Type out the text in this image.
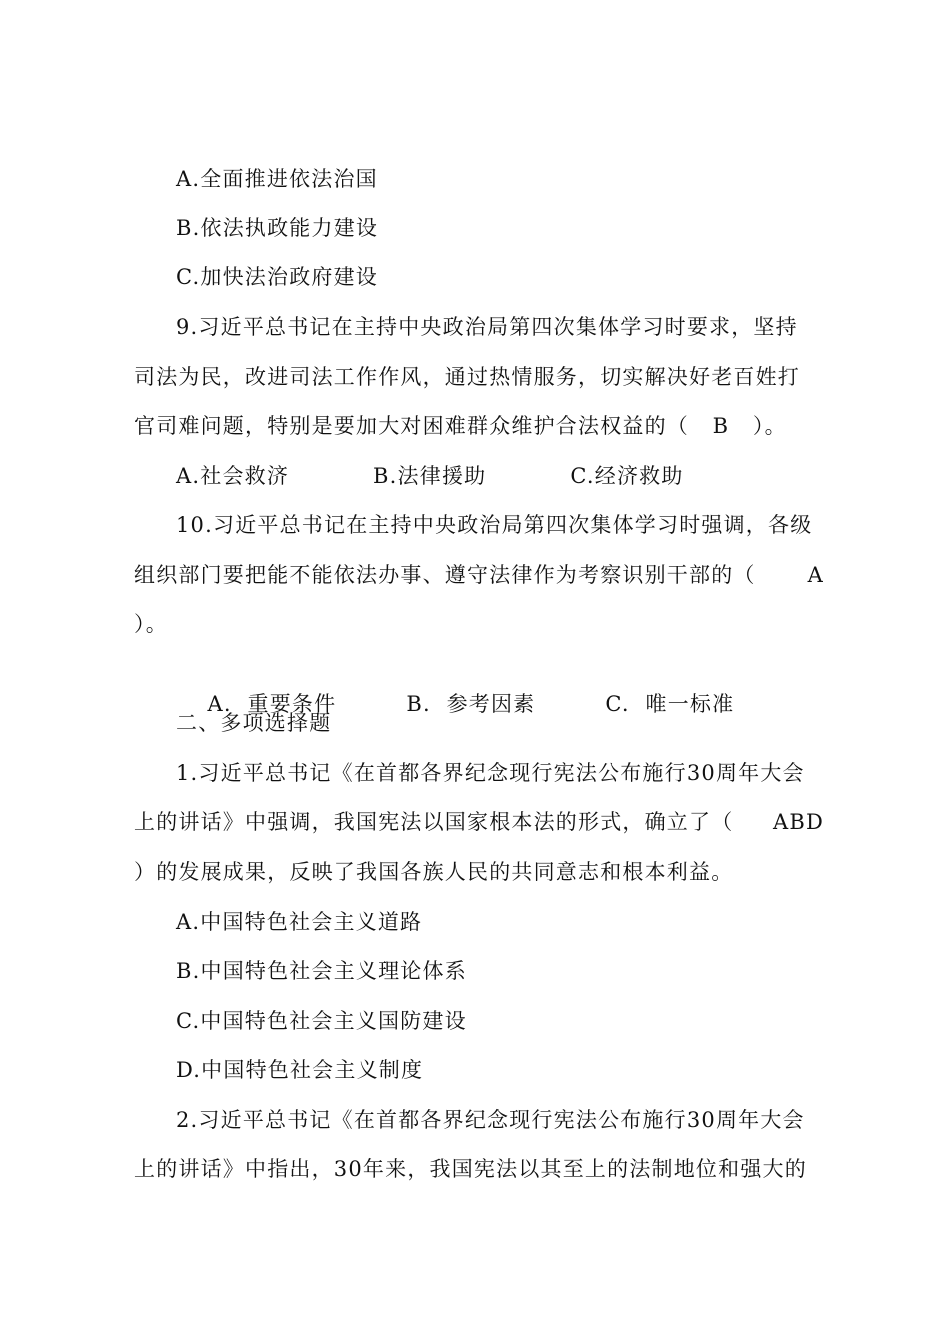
A.全面推进依法治国
B.依法执政能力建设
C.加快法治政府建设
9.习近平总书记在主持中央政治局第四次集体学习时要求，坚持
司法为民，改进司法工作作风，通过热情服务，切实解决好老百姓打
官司难问题，特别是要加大对困难群众维护合法权益的（   B   ）。
A.社会救济	B.法律援助	C.经济救助
10.习近平总书记在主持中央政治局第四次集体学习时强调，各级
组织部门要把能不能依法办事、遵守法律作为考察识别干部的（ A
）。

A.  重要条件	B.  参考因素	C.  唯一标准

二、多项选择题
1.习近平总书记《在首都各界纪念现行宪法公布施行30周年大会
上的讲话》中强调，我国宪法以国家根本法的形式，确立了（ ABD
）的发展成果，反映了我国各族人民的共同意志和根本利益。
A.中国特色社会主义道路
B.中国特色社会主义理论体系
C.中国特色社会主义国防建设
D.中国特色社会主义制度
2.习近平总书记《在首都各界纪念现行宪法公布施行30周年大会
上的讲话》中指出，30年来，我国宪法以其至上的法制地位和强大的
